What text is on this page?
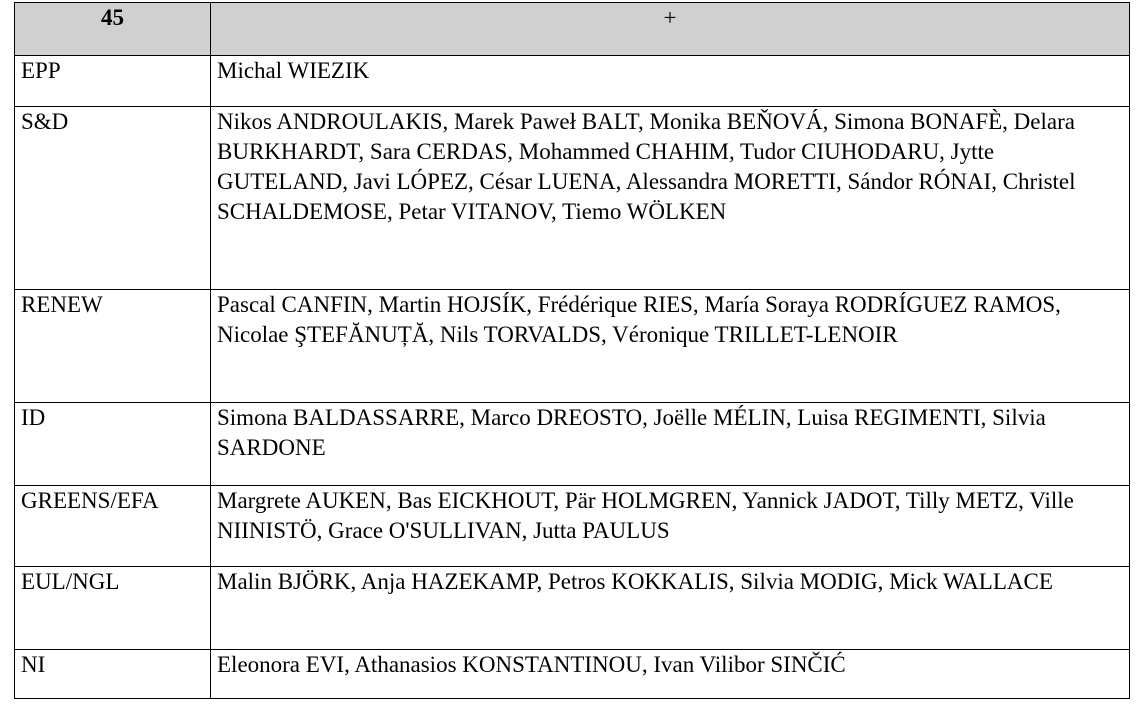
45	+
EPP	Michal WIEZIK
S&D	Nikos ANDROULAKIS, Marek Paweł BALT, Monika BEŇOVÁ, Simona BONAFÈ, Delara BURKHARDT, Sara CERDAS, Mohammed CHAHIM, Tudor CIUHODARU, Jytte GUTELAND, Javi LÓPEZ, César LUENA, Alessandra MORETTI, Sándor RÓNAI, Christel SCHALDEMOSE, Petar VITANOV, Tiemo WÖLKEN
RENEW	Pascal CANFIN, Martin HOJSÍK, Frédérique RIES, María Soraya RODRÍGUEZ RAMOS, Nicolae ŞTEFĂNUȚĂ, Nils TORVALDS, Véronique TRILLET-LENOIR
ID	Simona BALDASSARRE, Marco DREOSTO, Joëlle MÉLIN, Luisa REGIMENTI, Silvia SARDONE
GREENS/EFA	Margrete AUKEN, Bas EICKHOUT, Pär HOLMGREN, Yannick JADOT, Tilly METZ, Ville NIINISTÖ, Grace O'SULLIVAN, Jutta PAULUS
EUL/NGL	Malin BJÖRK, Anja HAZEKAMP, Petros KOKKALIS, Silvia MODIG, Mick WALLACE
NI	Eleonora EVI, Athanasios KONSTANTINOU, Ivan Vilibor SINČIĆ
